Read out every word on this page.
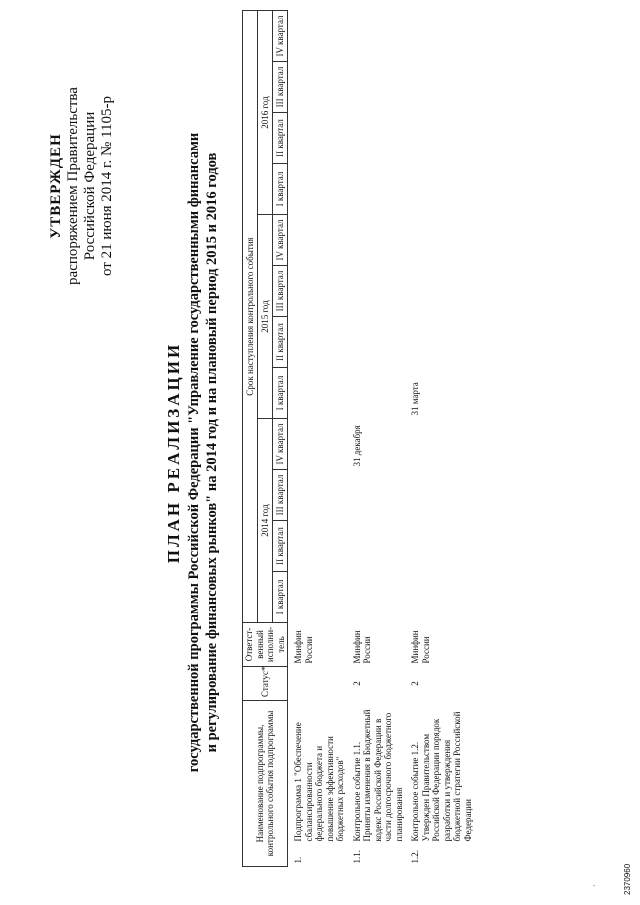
УТВЕРЖДЕН распоряжением Правительства Российской Федерации от 21 июня 2014 г. № 1105-р
ПЛАН РЕАЛИЗАЦИИ государственной программы Российской Федерации "Управление государственными финансами и регулирование финансовых рынков" на 2014 год и на плановый период 2015 и 2016 годов
Наименование подпрограммы, контрольного события подпрограммы	Статус*	Ответст-венный исполни-тель	Срок наступления контрольного события											
			2014 год				2015 год				2016 год			
			I квартал	II квартал	III квартал	IV квартал	I квартал	II квартал	III квартал	IV квартал	I квартал	II квартал	III квартал	IV квартал
1.Подпрограмма 1 "Обеспечение сбалансированности федерального бюджета и повышение эффективности бюджетных расходов"		Минфин России												
1.1.Контрольное событие 1.1. Приняты изменения в Бюджетный кодекс Российской Федерации в части долгосрочного бюджетного планирования	2	Минфин России				31 декабря								
1.2.Контрольное событие 1.2. Утвержден Правительством Российской Федерации порядок разработки и утверждения бюджетной стратегии Российской Федерации	2	Минфин России					31 марта							
2370960
·
